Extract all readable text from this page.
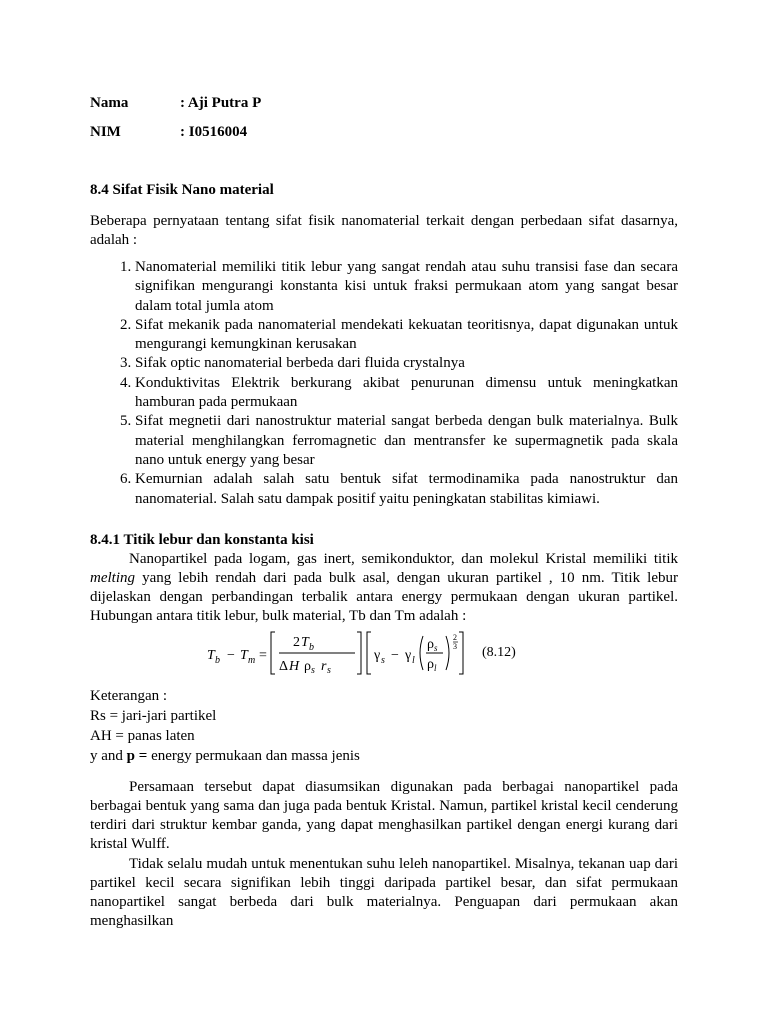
Nama	: Aji Putra P
NIM	: I0516004
8.4 Sifat Fisik Nano material

Beberapa pernyataan tentang sifat fisik nanomaterial terkait dengan perbedaan sifat dasarnya, adalah :

1. Nanomaterial memiliki titik lebur yang sangat rendah atau suhu transisi fase dan secara signifikan mengurangi konstanta kisi untuk fraksi permukaan atom yang sangat besar dalam total jumla atom
2. Sifat mekanik pada nanomaterial mendekati kekuatan teoritisnya, dapat digunakan untuk mengurangi kemungkinan kerusakan
3. Sifak optic nanomaterial berbeda dari fluida crystalnya
4. Konduktivitas Elektrik berkurang akibat penurunan dimensu untuk meningkatkan hamburan pada permukaan
5. Sifat megnetii dari nanostruktur material sangat berbeda dengan bulk materialnya. Bulk material menghilangkan ferromagnetic dan mentransfer ke supermagnetik pada skala nano untuk energy yang besar
6. Kemurnian adalah salah satu bentuk sifat termodinamika pada nanostruktur dan nanomaterial. Salah satu dampak positif yaitu peningkatan stabilitas kimiawi.
8.4.1 Titik lebur dan konstanta kisi

Nanopartikel pada logam, gas inert, semikonduktor, dan molekul Kristal memiliki titik melting yang lebih rendah dari pada bulk asal, dengan ukuran partikel , 10 nm. Titik lebur dijelaskan dengan perbandingan terbalik antara energy permukaan dengan ukuran partikel. Hubungan antara titik lebur, bulk material, Tb dan Tm adalah :

T b − T m =
2 T b
Δ H ρ s r s
γ s − γ l
ρ s
ρ l
2
3 (8.12)
Keterangan :
Rs = jari-jari partikel
AH = panas laten
y and p = energy permukaan dan massa jenis

Persamaan tersebut dapat diasumsikan digunakan pada berbagai nanopartikel pada berbagai bentuk yang sama dan juga pada bentuk Kristal. Namun, partikel kristal kecil cenderung terdiri dari struktur kembar ganda, yang dapat menghasilkan partikel dengan energi kurang dari kristal Wulff.

Tidak selalu mudah untuk menentukan suhu leleh nanopartikel. Misalnya, tekanan uap dari partikel kecil secara signifikan lebih tinggi daripada partikel besar, dan sifat permukaan nanopartikel sangat berbeda dari bulk materialnya. Penguapan dari permukaan akan menghasilkan
